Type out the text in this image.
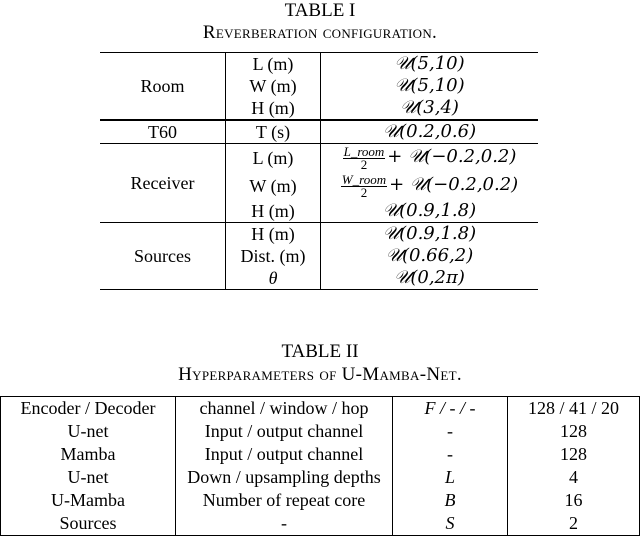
TABLE I
Reverberation configuration.
Room	L (m)	𝒰(5,10)
	W (m)	𝒰(5,10)
	H (m)	𝒰(3,4)
T60	T (s)	𝒰(0.2,0.6)
Receiver	L (m)	$\frac{\text{L\_room}}{2}$ + 𝒰(−0.2,0.2)
	W (m)	$\frac{\text{W\_room}}{2}$ + 𝒰(−0.2,0.2)
	H (m)	𝒰(0.9,1.8)
Sources	H (m)	𝒰(0.9,1.8)
	Dist. (m)	𝒰(0.66,2)
	θ	𝒰(0,2π)
TABLE II
Hyperparameters of U-Mamba-Net.
Encoder / Decoder	channel / window / hop	F / - / -	128 / 41 / 20
U-net	Input / output channel	-	128
Mamba	Input / output channel	-	128
U-net	Down / upsampling depths	L	4
U-Mamba	Number of repeat core	B	16
Sources	-	S	2
